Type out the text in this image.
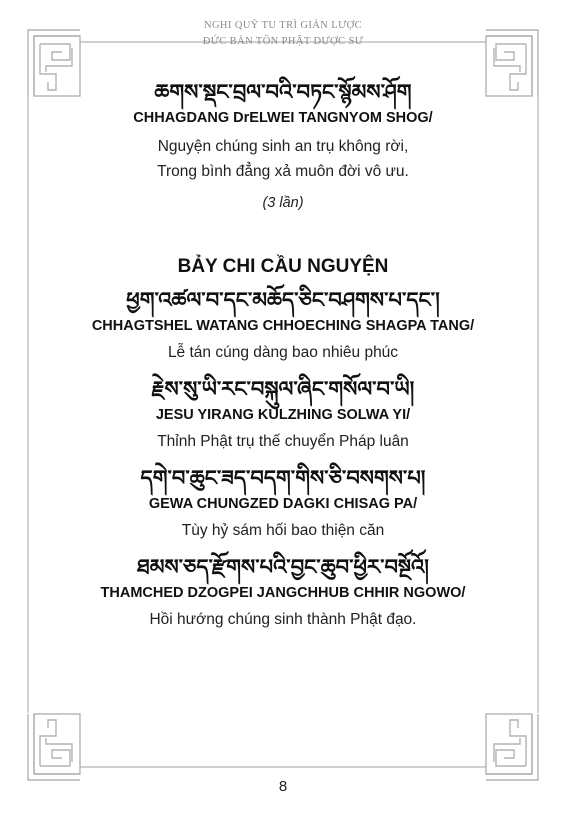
NGHI QUỸ TU TRÌ GIẢN LƯỢC
ĐỨC BẢN TÔN PHẬT DƯỢC SƯ
ཆགས་སྡང་བྲལ་བའི་བཏང་སྙོམས་ཤོག
CHHAGDANG DrELWEI TANGNYOM SHOG/
Nguyện chúng sinh an trụ không rời,
Trong bình đẳng xả muôn đời vô ưu.
(3 lần)
BẢY CHI CẦU NGUYỆN
ཕྱག་འཚལ་བ་དང་མཆོད་ཅིང་བཤགས་པ་དང་།
CHHAGTSHEL WATANG CHHOECHING SHAGPA TANG/
Lễ tán cúng dàng bao nhiêu phúc
རྗེས་སུ་ཡི་རང་བསྐུལ་ཞིང་གསོལ་བ་ཡི།
JESU YIRANG KULZHING SOLWA YI/
Thỉnh Phật trụ thế chuyển Pháp luân
དགེ་བ་ཆུང་ཟད་བདག་གིས་ཅི་བསགས་པ།
GEWA CHUNGZED DAGKI CHISAG PA/
Tùy hỷ sám hối bao thiện căn
ཐམས་ཅད་རྫོགས་པའི་བྱང་ཆུབ་ཕྱིར་བསྔོའོ།
THAMCHED DZOGPEI JANGCHHUB CHHIR NGOWO/
Hồi hướng chúng sinh thành Phật đạo.
8
